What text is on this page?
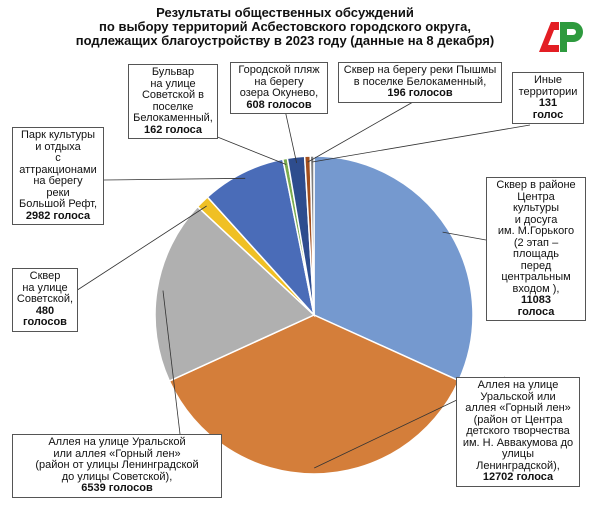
Результаты общественных обсуждений
по выбору территорий Асбестовского городского округа,
подлежащих благоустройству в 2023 году (данные на 8 декабря)
Сквер в районе
Центра
культуры
и досуга
им. М.Горького
(2 этап –
площадь
перед
центральным
входом ),
11083
голоса
Аллея на улице
Уральской или
аллея «Горный лен»
(район от Центра
детского творчества
им. Н. Аввакумова до
улицы
Ленинградской),
12702 голоса
Аллея на улице Уральской
или аллея «Горный лен»
(район от улицы Ленинградской
до улицы Советской),
6539 голосов
Сквер
на улице
Советской,
480
голосов
Парк культуры
и отдыха
с
аттракционами
на берегу
реки
Большой Рефт,
2982 голоса
Бульвар
на улице
Советской в
поселке
Белокаменный,
162 голоса
Городской пляж
на берегу
озера Окунево,
608 голосов
Сквер на берегу реки Пышмы
в поселке Белокаменный,
196 голосов
Иные
территории
131
голос
